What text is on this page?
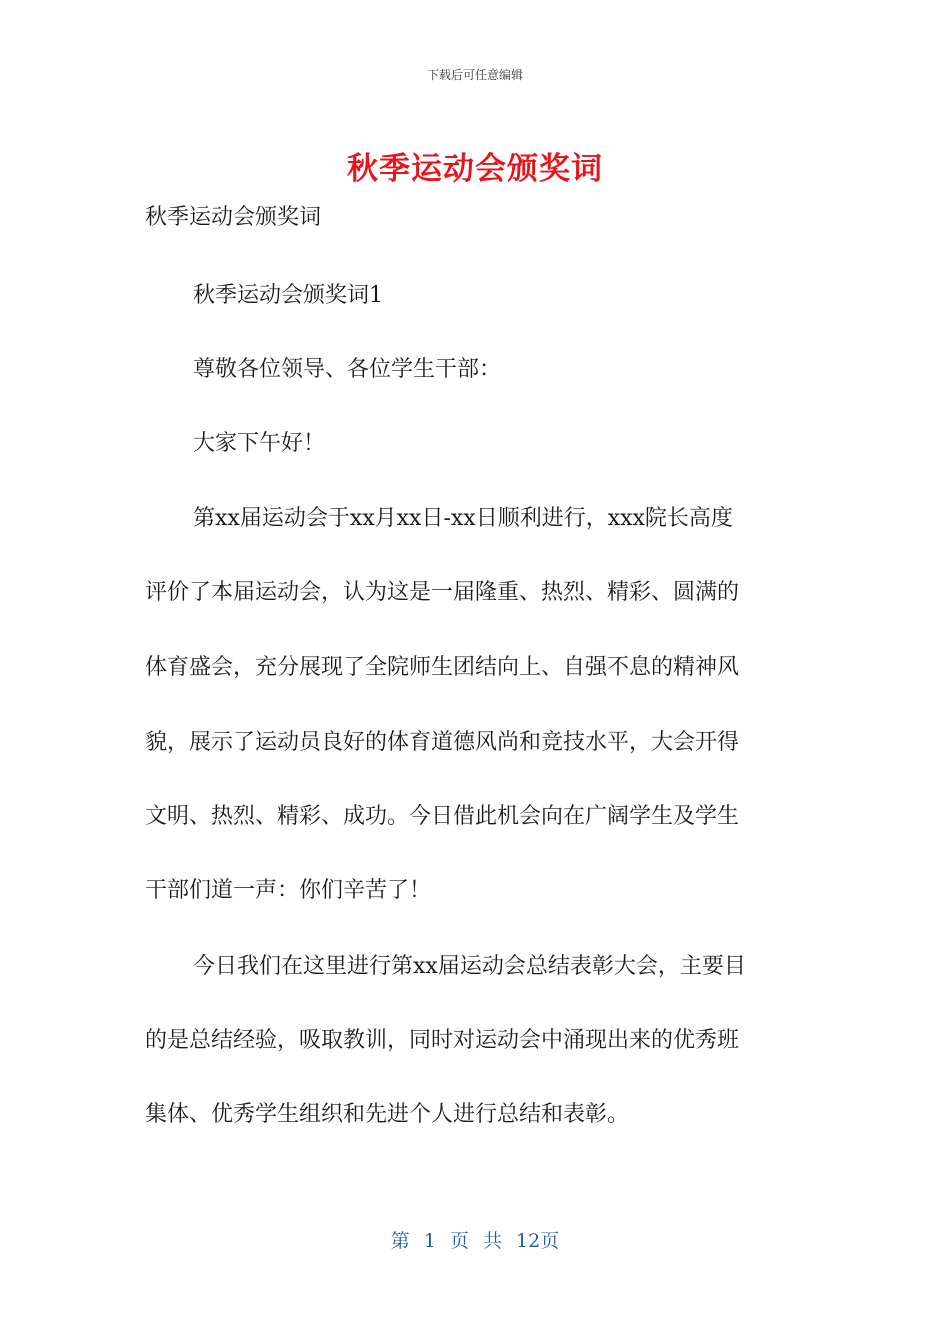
下载后可任意编辑
秋季运动会颁奖词
秋季运动会颁奖词
秋季运动会颁奖词1
尊敬各位领导、各位学生干部：
大家下午好！
第xx届运动会于xx月xx日-xx日顺利进行，xxx院长高度
评价了本届运动会，认为这是一届隆重、热烈、精彩、圆满的
体育盛会，充分展现了全院师生团结向上、自强不息的精神风
貌，展示了运动员良好的体育道德风尚和竞技水平，大会开得
文明、热烈、精彩、成功。今日借此机会向在广阔学生及学生
干部们道一声：你们辛苦了！
今日我们在这里进行第xx届运动会总结表彰大会，主要目
的是总结经验，吸取教训，同时对运动会中涌现出来的优秀班
集体、优秀学生组织和先进个人进行总结和表彰。
第 1 页 共 12页
